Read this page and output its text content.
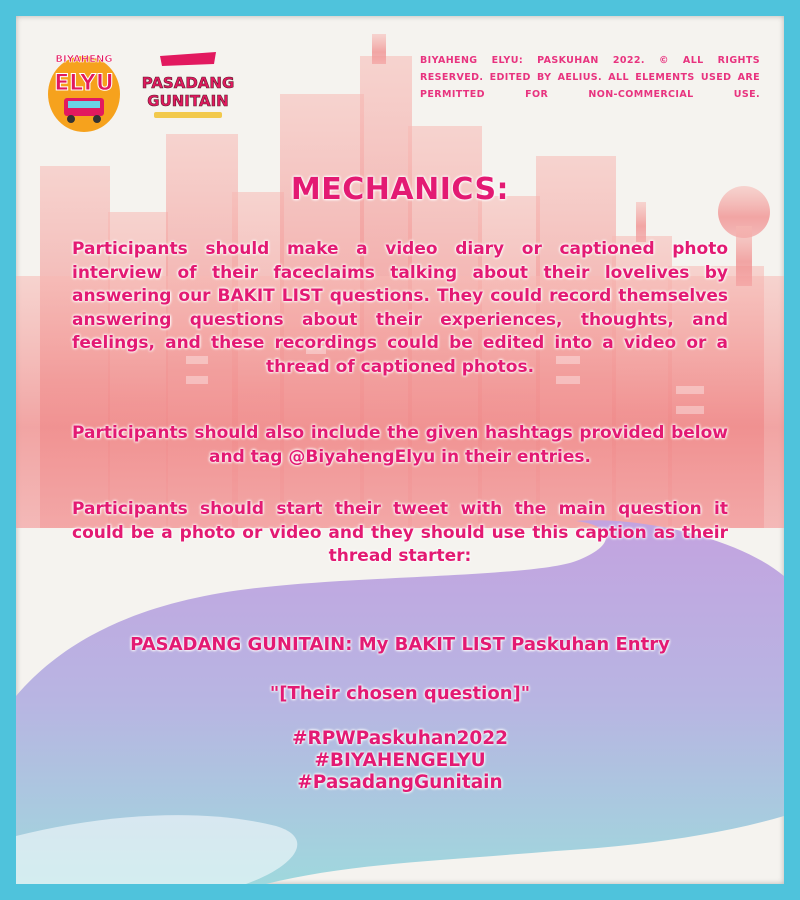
BIYAHENG
ELYU PASADANG
GUNITAIN
BIYAHENG ELYU: PASKUHAN 2022. © ALL RIGHTS RESERVED. EDITED BY AELIUS. ALL ELEMENTS USED ARE PERMITTED FOR NON-COMMERCIAL USE.
MECHANICS:
Participants should make a video diary or captioned photo interview of their faceclaims talking about their lovelives by answering our BAKIT LIST questions. They could record themselves answering questions about their experiences, thoughts, and feelings, and these recordings could be edited into a video or a thread of captioned photos.
Participants should also include the given hashtags provided below and tag @BiyahengElyu in their entries.
Participants should start their tweet with the main question it could be a photo or video and they should use this caption as their thread starter:
PASADANG GUNITAIN: My BAKIT LIST Paskuhan Entry
"[Their chosen question]"
#RPWPaskuhan2022
#BIYAHENGELYU
#PasadangGunitain
